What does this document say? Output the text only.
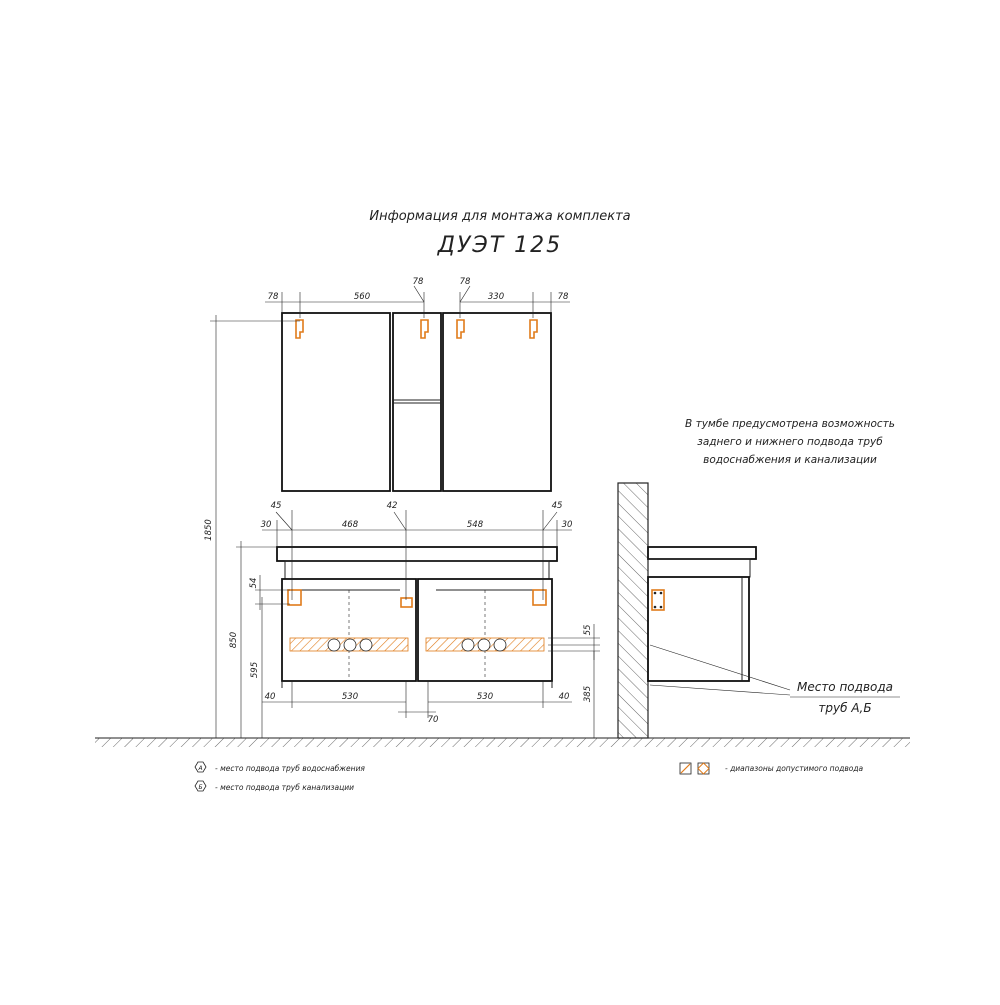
Информация для монтажа комплекта
ДУЭТ 125
78	560
78	78
330	78
45
30	468
42
548
45
30
40	530	530	40
70
54
55
1850
850
595
385
В тумбе предусмотрена возможность
заднего и нижнего подвода труб
водоснабжения и канализации
Место подвода
труб А,Б
А - место подвода труб водоснабжения
Б - место подвода труб канализации
- диапазоны допустимого подвода
